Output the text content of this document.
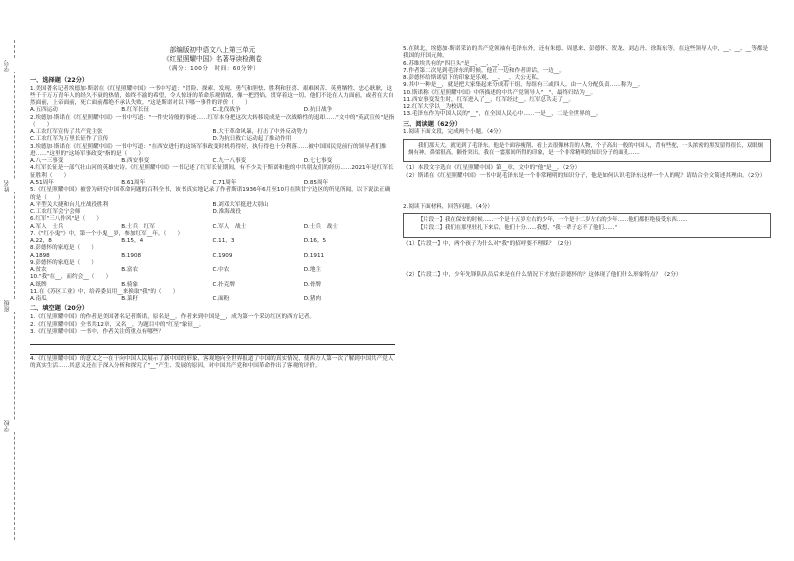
学号
姓名
班级
学校
部编版初中语文八上第三单元
《红星照耀中国》名著导读检测卷
（满分：100分　时间：60分钟）
一、选择题（22分）
1.美国著名记者埃德加·斯诺在《红星照耀中国》一书中写道："冒险、探索、发现、勇气和胆怯、胜利和狂喜、艰难困苦、英勇牺牲、忠心耿耿，这些千千万万青年人的经久不衰的热情，始终不渝的希望，令人惊讶的革命乐观情绪，像一把烈焰，贯穿着这一切，他们不论在人力面前，或者在大自然面前，上帝面前，死亡面前都绝不承认失败。"这是斯诺对以下哪一事件的评价（　　）
A.五四运动	B.红军长征	C.北伐战争	D.抗日战争
2.埃德加·斯诺在《红星照耀中国》一书中写道："一件史诗般的事迹……红军本身把这次大转移说成是一次战略性的退却……"文中的"英武宣传"是指（　　）
A.工农红军宣传了共产党主张	B.大干革命风暴，打击了中外反动势力
C.工农红军为万里长征作了宣传	D.为抗日救亡运动起了推动作用
3.埃德加·斯诺在《红星照耀中国》一书中写道："在西安进行的这场军事政变时机将得好，执行得也十分利落……被中国国民党前行的领导者们推进……"这里的"这场军事政变"指的是（　　）
A.八一三事变	B.西安事变	C.九一八事变	D.七七事变
4.红军长征是一部气壮山河的英雄史诗。《红星照耀中国》一书记述了红军长征期间，有不少关于斯诺和他的中共朋友们的经历……2021年是红军长征胜利（　　）
A.51周年	B.61周年	C.71周年	D.85周年
5.《红星照耀中国》被誉为研究中国革命问题的百科全书，该书真实地记录了作者斯诺1936年6月至10月在陕甘宁边区的所见所闻，以下说法正确的是（　　）
A.平型关大捷和台儿庄战役胜利	B.刘邓大军挺进大别山
C.工农红军会宁会师	D.淮海战役
6.红军"三八作风"是（　　）
A.军人　士兵	B.士兵　红军	C.军人　战士	D.士兵　战士
7.《"红小鬼"》中，第一个小鬼__岁，参加红军__年。（　　）
A.22，8	B.15，4	C.11，3	D.16，5
8.彭德怀的家庭是（　　）
A.1898	B.1908	C.1909	D.1911
9.彭德怀的家庭是（　　）
A.贫农	B.富农	C.中农	D.地主
10."我"在__，而约会__（　　）
A.纸牌	B.骑象	C.扑克牌	D.骨牌
11.在《苏区工业》中，给养委员用__来换取"我"的（　　）
A.南瓜	B.菜籽	C.面粉	D.猪肉
二、填空题（20分）
1.《红星照耀中国》的作者是美国著名记者斯诺，原名是__。作者来到中国是__，成为第一个采访红区的西方记者。
2.《红星照耀中国》全书共12章，又名__，为题目中的"红星"象征__。
3.《红星照耀中国》一书中，作者关注的重点有哪些？
4.《红星照耀中国》的意义之一在于向中国人民展示了新中国的形象，客观地向全世界报道了中国的真实情况，使西方人第一次了解到中国共产党人的真实生活……其意义还在于深入分析和探究了"__"产生、发展的原因，对中国共产党和中国革命作出了客观的评价。
5.在陕北，埃德加·斯诺采访的共产党领袖有毛泽东外，还有朱德、周恩来、彭德怀、贺龙、刘志丹、徐海东等。在这些领导人中，__、__、__等都是我国的开国元帅。
6.苏维埃共有的"四巨头"是__、__、__、__。
7.作者第二次见到毛泽东的时候，他正一边和作者讲话，一边__。
8.彭德怀给斯诺留下的印象是乐观、__、__、大公无私。
9.其中一种是__，就是把大家集起来分成若干组，每组有三或四人，由一人分配负责……称为__。
10.斯诺称《红星照耀中国》中所描述的中共产党领导人"__"，最终归结为__。
11.西安事变发生时，红军进入了__，红军经过__。红军总共走了__。
12.红军大学以__为校训。
13.毛泽东作为中国人民的"__"，在全国人民心中……一是__，二是全世界的__。
三、阅读题（62分）
1.阅读下面文段，完成两个小题。（4分）

我们那天大，就见到了毛泽东。他是个面容瘦削、看上去很像林肯的人物，个子高出一般的中国人，背有些驼，一头浓密的黑发留得很长，双眼炯炯有神，鼻梁很高，颧骨突出。我在一霎那间所得的印象，是一个非常精明的知识分子的面孔……

（1）本段文字选自《红星照耀中国》第__章，文中的"他"是__。（2分）
（2）斯诺在《红星照耀中国》一书中说毛泽东是一个非常精明的知识分子，他是如何认识毛泽东这样一个人的呢？请结合全文简述其理由。（2分）
2.阅读下面材料，回答问题。（4分）

【片段一】我在保安的时候……一个是十五岁左右的少年，一个是十二岁左右的少年……他们都拒绝接受东西……

【片段二】我们在那里驻扎下来后，他们十分……我想，"我一辈子忘不了他们……"

（1）【片段一】中，两个孩子为什么对"我"的招呼要不理睬？（2分）
（2）【片段二】中，少年先锋队队员后来是在什么情况下才放行彭德怀的？这体现了他们什么形象特点？（2分）
